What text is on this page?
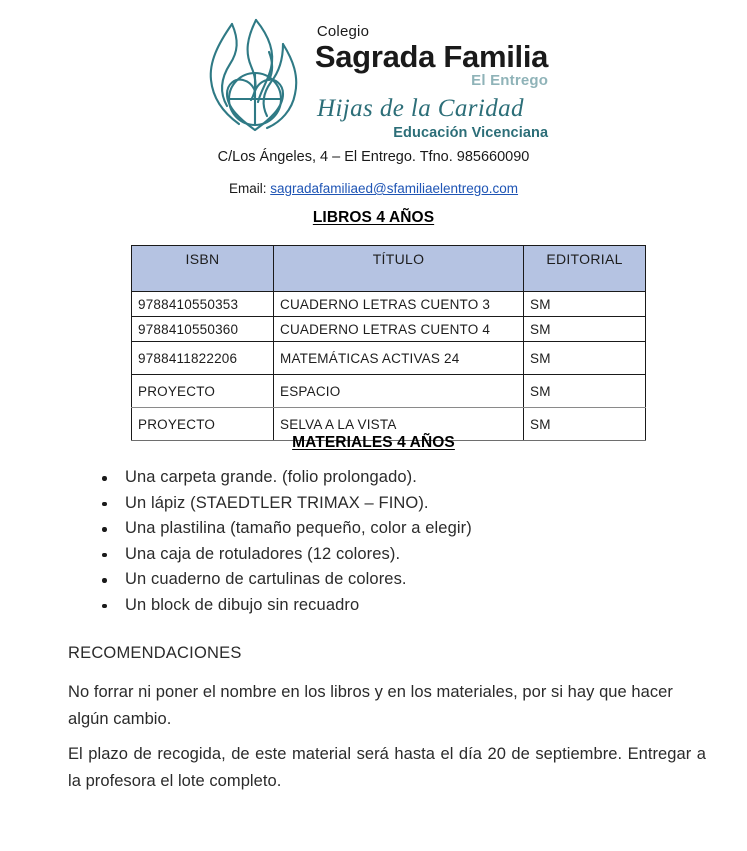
Colegio
Sagrada Familia
El Entrego
Hijas de la Caridad
Educación Vicenciana
C/Los Ángeles, 4 – El Entrego. Tfno. 985660090
Email: sagradafamiliaed@sfamiliaelentrego.com
LIBROS 4 AÑOS
ISBN	TÍTULO	EDITORIAL
9788410550353	CUADERNO LETRAS CUENTO 3	SM
9788410550360	CUADERNO LETRAS CUENTO 4	SM
9788411822206	MATEMÁTICAS ACTIVAS 24	SM
PROYECTO	ESPACIO	SM
PROYECTO	SELVA A LA VISTA	SM
MATERIALES 4 AÑOS
Una carpeta grande. (folio prolongado).
Un lápiz (STAEDTLER TRIMAX – FINO).
Una plastilina (tamaño pequeño, color a elegir)
Una caja de rotuladores (12 colores).
Un cuaderno de cartulinas de colores.
Un block de dibujo sin recuadro
RECOMENDACIONES
No forrar ni poner el nombre en los libros y en los materiales, por si hay que hacer algún cambio.
El plazo de recogida, de este material será hasta el día 20 de septiembre. Entregar a la profesora el lote completo.
